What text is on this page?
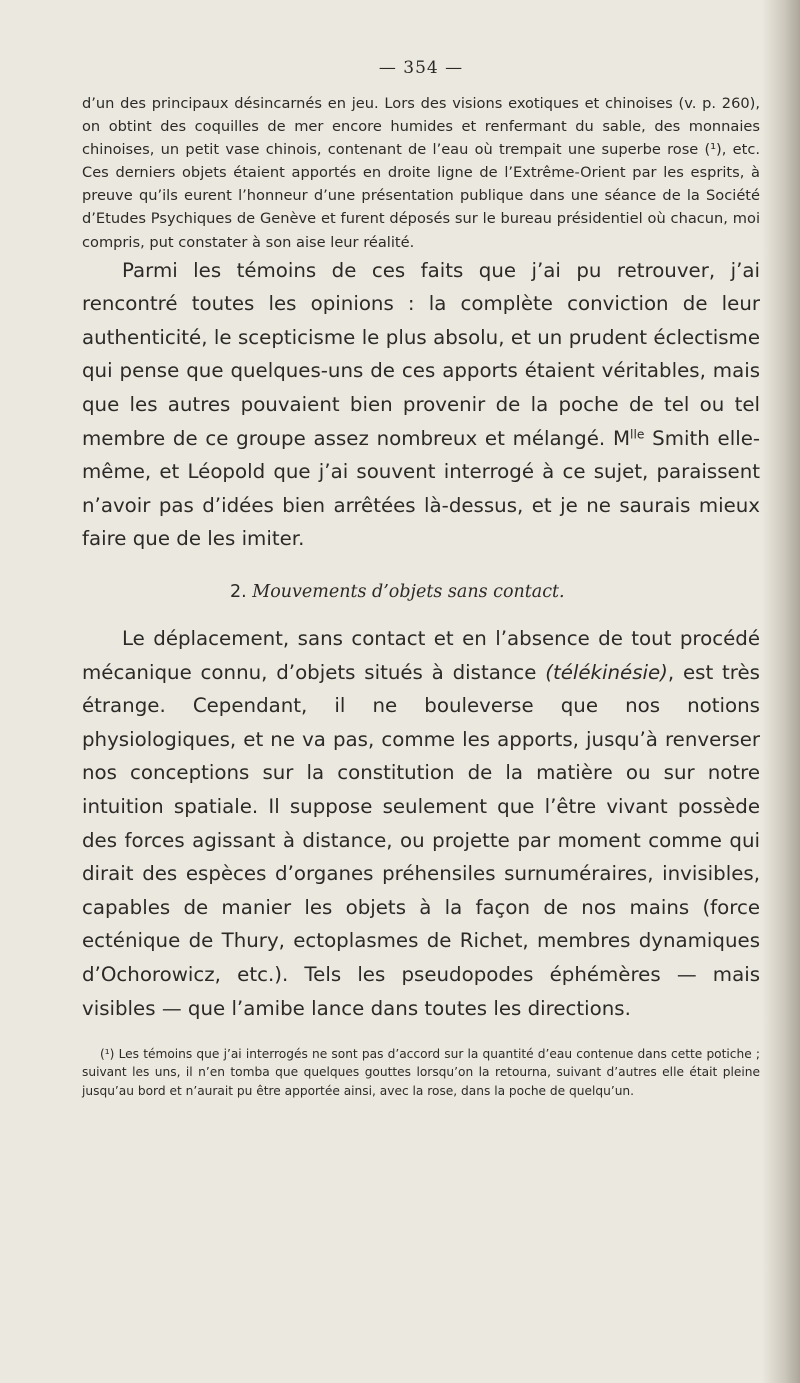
— 354 —

d’un des principaux désincarnés en jeu. Lors des visions exotiques et chinoises (v. p. 260), on obtint des coquilles de mer encore humides et renfermant du sable, des monnaies chinoises, un petit vase chinois, contenant de l’eau où trempait une superbe rose (¹), etc. Ces derniers objets étaient apportés en droite ligne de l’Extrême-Orient par les esprits, à preuve qu’ils eurent l’honneur d’une présentation publique dans une séance de la Société d’Etudes Psychiques de Genève et furent déposés sur le bureau présidentiel où chacun, moi compris, put constater à son aise leur réalité.

Parmi les témoins de ces faits que j’ai pu retrouver, j’ai rencontré toutes les opinions : la complète conviction de leur authenticité, le scepticisme le plus absolu, et un prudent éclectisme qui pense que quelques-uns de ces apports étaient véritables, mais que les autres pouvaient bien provenir de la poche de tel ou tel membre de ce groupe assez nombreux et mélangé. $M^{lle}$ Smith elle-même, et Léopold que j’ai souvent interrogé à ce sujet, paraissent n’avoir pas d’idées bien arrêtées là-dessus, et je ne saurais mieux faire que de les imiter.

2. Mouvements d’objets sans contact.

Le déplacement, sans contact et en l’absence de tout procédé mécanique connu, d’objets situés à distance (télékinésie), est très étrange. Cependant, il ne bouleverse que nos notions physiologiques, et ne va pas, comme les apports, jusqu’à renverser nos conceptions sur la constitution de la matière ou sur notre intuition spatiale. Il suppose seulement que l’être vivant possède des forces agissant à distance, ou projette par moment comme qui dirait des espèces d’organes préhensiles surnuméraires, invisibles, capables de manier les objets à la façon de nos mains (force ecténique de Thury, ectoplasmes de Richet, membres dynamiques d’Ochorowicz, etc.). Tels les pseudopodes éphémères — mais visibles — que l’amibe lance dans toutes les directions.

(¹) Les témoins que j’ai interrogés ne sont pas d’accord sur la quantité d’eau contenue dans cette potiche ; suivant les uns, il n’en tomba que quelques gouttes lorsqu’on la retourna, suivant d’autres elle était pleine jusqu’au bord et n’aurait pu être apportée ainsi, avec la rose, dans la poche de quelqu’un.
